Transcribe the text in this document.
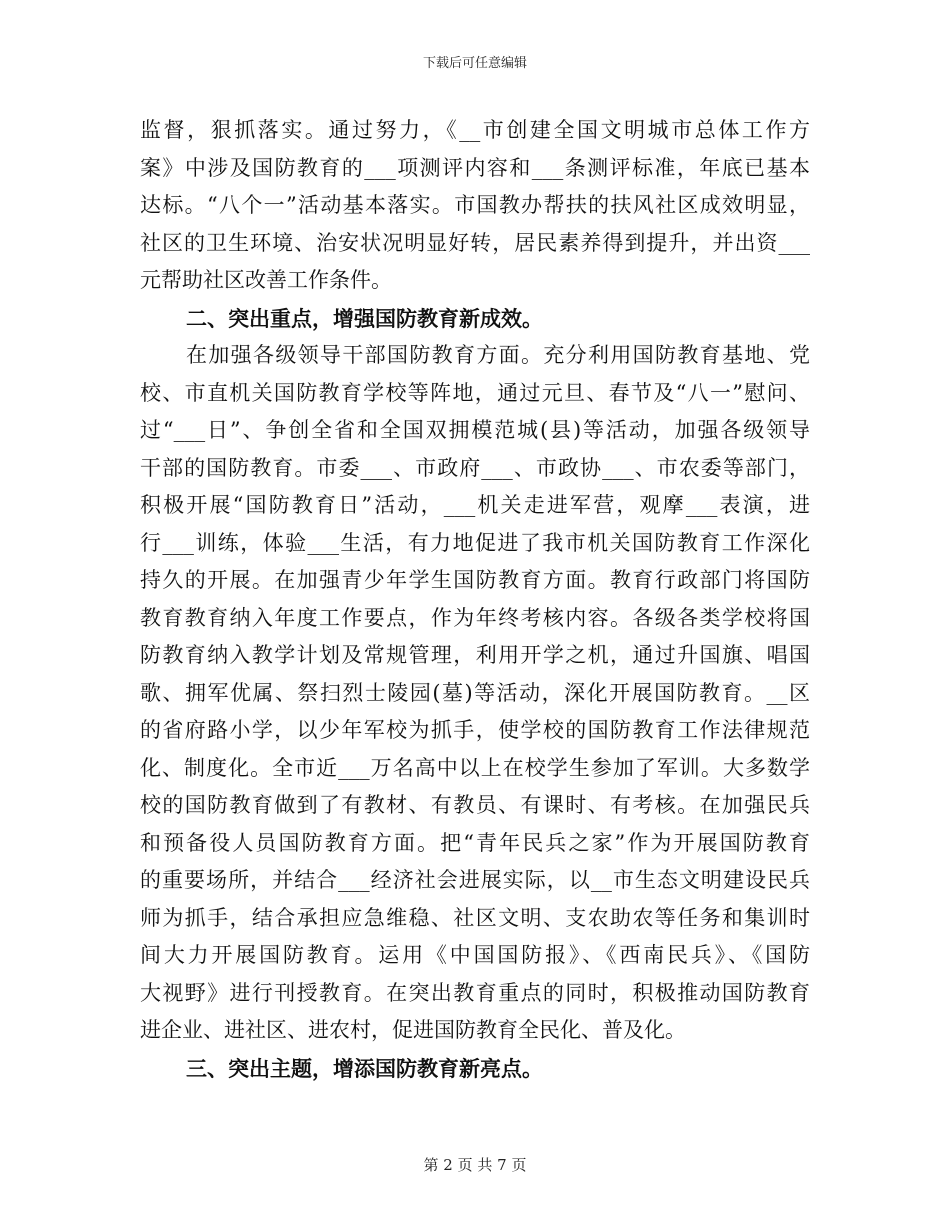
下载后可任意编辑
监督，狠抓落实。通过努力，《__市创建全国文明城市总体工作方
案》中涉及国防教育的___项测评内容和___条测评标准，年底已基本
达标。“八个一”活动基本落实。市国教办帮扶的扶风社区成效明显，
社区的卫生环境、治安状况明显好转，居民素养得到提升，并出资___
元帮助社区改善工作条件。
二、突出重点，增强国防教育新成效。
在加强各级领导干部国防教育方面。充分利用国防教育基地、党
校、市直机关国防教育学校等阵地，通过元旦、春节及“八一”慰问、
过“___日”、争创全省和全国双拥模范城(县)等活动，加强各级领导
干部的国防教育。市委___、市政府___、市政协___、市农委等部门，
积极开展“国防教育日”活动，___机关走进军营，观摩___表演，进
行___训练，体验___生活，有力地促进了我市机关国防教育工作深化
持久的开展。在加强青少年学生国防教育方面。教育行政部门将国防
教育教育纳入年度工作要点，作为年终考核内容。各级各类学校将国
防教育纳入教学计划及常规管理，利用开学之机，通过升国旗、唱国
歌、拥军优属、祭扫烈士陵园(墓)等活动，深化开展国防教育。__区
的省府路小学，以少年军校为抓手，使学校的国防教育工作法律规范
化、制度化。全市近___万名高中以上在校学生参加了军训。大多数学
校的国防教育做到了有教材、有教员、有课时、有考核。在加强民兵
和预备役人员国防教育方面。把“青年民兵之家”作为开展国防教育
的重要场所，并结合___经济社会进展实际，以__市生态文明建设民兵
师为抓手，结合承担应急维稳、社区文明、支农助农等任务和集训时
间大力开展国防教育。运用《中国国防报》、《西南民兵》、《国防
大视野》进行刊授教育。在突出教育重点的同时，积极推动国防教育
进企业、进社区、进农村，促进国防教育全民化、普及化。
三、突出主题，增添国防教育新亮点。
第 2 页 共 7 页
